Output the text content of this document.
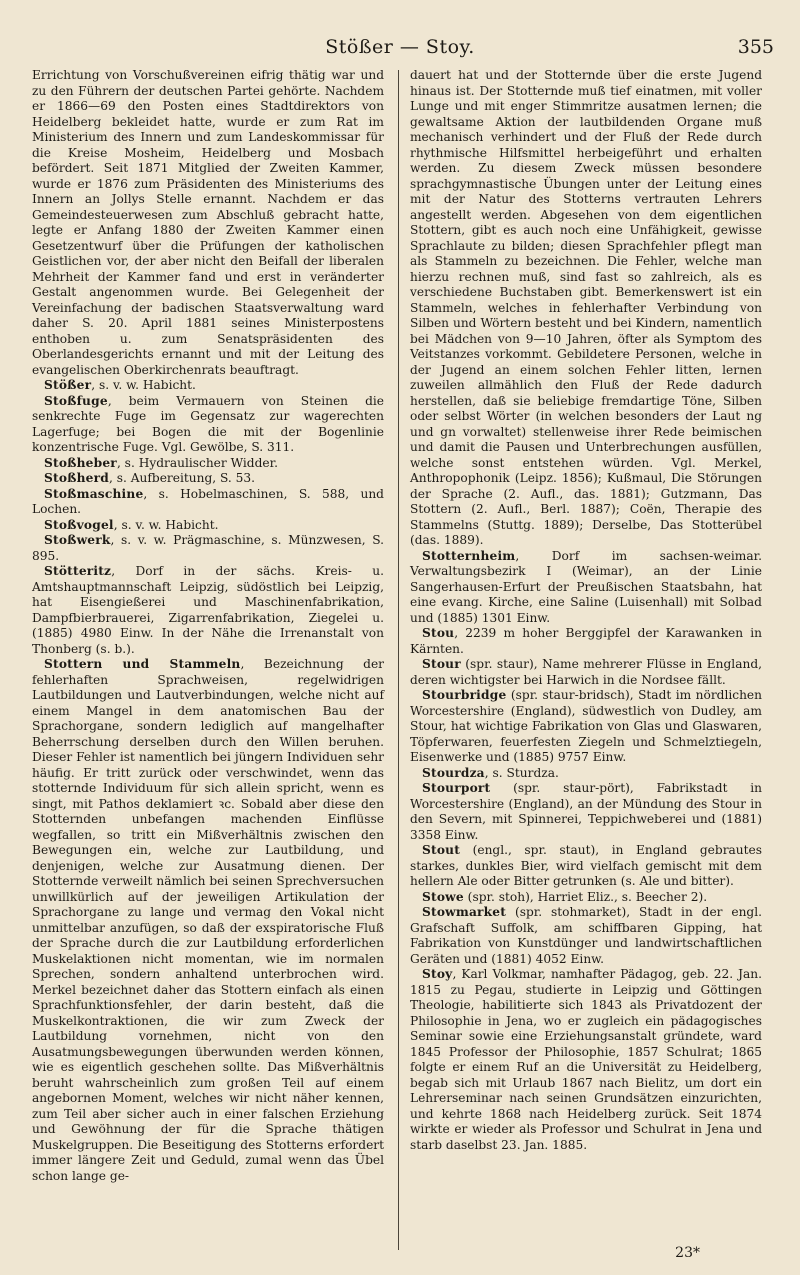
Stößer — Stoy.	355

Errichtung von Vorschußvereinen eifrig thätig war und zu den Führern der deutschen Partei gehörte. Nachdem er 1866—69 den Posten eines Stadtdirektors von Heidelberg bekleidet hatte, wurde er zum Rat im Ministerium des Innern und zum Landeskommissar für die Kreise Mosheim, Heidelberg und Mosbach befördert. Seit 1871 Mitglied der Zweiten Kammer, wurde er 1876 zum Präsidenten des Ministeriums des Innern an Jollys Stelle ernannt. Nachdem er das Gemeindesteuerwesen zum Abschluß gebracht hatte, legte er Anfang 1880 der Zweiten Kammer einen Gesetzentwurf über die Prüfungen der katholischen Geistlichen vor, der aber nicht den Beifall der liberalen Mehrheit der Kammer fand und erst in veränderter Gestalt angenommen wurde. Bei Gelegenheit der Vereinfachung der badischen Staatsverwaltung ward daher S. 20. April 1881 seines Ministerpostens enthoben u. zum Senatspräsidenten des Oberlandesgerichts ernannt und mit der Leitung des evangelischen Oberkirchenrats beauftragt.

Stößer, s. v. w. Habicht.

Stoßfuge, beim Vermauern von Steinen die senkrechte Fuge im Gegensatz zur wagerechten Lagerfuge; bei Bogen die mit der Bogenlinie konzentrische Fuge. Vgl. Gewölbe, S. 311.

Stoßheber, s. Hydraulischer Widder.

Stoßherd, s. Aufbereitung, S. 53.

Stoßmaschine, s. Hobelmaschinen, S. 588, und Lochen.

Stoßvogel, s. v. w. Habicht.

Stoßwerk, s. v. w. Prägmaschine, s. Münzwesen, S. 895.

Stötteritz, Dorf in der sächs. Kreis- u. Amtshauptmannschaft Leipzig, südöstlich bei Leipzig, hat Eisengießerei und Maschinenfabrikation, Dampfbierbrauerei, Zigarrenfabrikation, Ziegelei u. (1885) 4980 Einw. In der Nähe die Irrenanstalt von Thonberg (s. b.).

Stottern und Stammeln, Bezeichnung der fehlerhaften Sprachweisen, regelwidrigen Lautbildungen und Lautverbindungen, welche nicht auf einem Mangel in dem anatomischen Bau der Sprachorgane, sondern lediglich auf mangelhafter Beherrschung derselben durch den Willen beruhen. Dieser Fehler ist namentlich bei jüngern Individuen sehr häufig. Er tritt zurück oder verschwindet, wenn das stotternde Individuum für sich allein spricht, wenn es singt, mit Pathos deklamiert ꝛc. Sobald aber diese den Stotternden unbefangen machenden Einflüsse wegfallen, so tritt ein Mißverhältnis zwischen den Bewegungen ein, welche zur Lautbildung, und denjenigen, welche zur Ausatmung dienen. Der Stotternde verweilt nämlich bei seinen Sprechversuchen unwillkürlich auf der jeweiligen Artikulation der Sprachorgane zu lange und vermag den Vokal nicht unmittelbar anzufügen, so daß der exspiratorische Fluß der Sprache durch die zur Lautbildung erforderlichen Muskelaktionen nicht momentan, wie im normalen Sprechen, sondern anhaltend unterbrochen wird. Merkel bezeichnet daher das Stottern einfach als einen Sprachfunktionsfehler, der darin besteht, daß die Muskelkontraktionen, die wir zum Zweck der Lautbildung vornehmen, nicht von den Ausatmungsbewegungen überwunden werden können, wie es eigentlich geschehen sollte. Das Mißverhältnis beruht wahrscheinlich zum großen Teil auf einem angebornen Moment, welches wir nicht näher kennen, zum Teil aber sicher auch in einer falschen Erziehung und Gewöhnung der für die Sprache thätigen Muskelgruppen. Die Beseitigung des Stotterns erfordert immer längere Zeit und Geduld, zumal wenn das Übel schon lange ge-

dauert hat und der Stotternde über die erste Jugend hinaus ist. Der Stotternde muß tief einatmen, mit voller Lunge und mit enger Stimmritze ausatmen lernen; die gewaltsame Aktion der lautbildenden Organe muß mechanisch verhindert und der Fluß der Rede durch rhythmische Hilfsmittel herbeigeführt und erhalten werden. Zu diesem Zweck müssen besondere sprachgymnastische Übungen unter der Leitung eines mit der Natur des Stotterns vertrauten Lehrers angestellt werden. Abgesehen von dem eigentlichen Stottern, gibt es auch noch eine Unfähigkeit, gewisse Sprachlaute zu bilden; diesen Sprachfehler pflegt man als Stammeln zu bezeichnen. Die Fehler, welche man hierzu rechnen muß, sind fast so zahlreich, als es verschiedene Buchstaben gibt. Bemerkenswert ist ein Stammeln, welches in fehlerhafter Verbindung von Silben und Wörtern besteht und bei Kindern, namentlich bei Mädchen von 9—10 Jahren, öfter als Symptom des Veitstanzes vorkommt. Gebildetere Personen, welche in der Jugend an einem solchen Fehler litten, lernen zuweilen allmählich den Fluß der Rede dadurch herstellen, daß sie beliebige fremdartige Töne, Silben oder selbst Wörter (in welchen besonders der Laut ng und gn vorwaltet) stellenweise ihrer Rede beimischen und damit die Pausen und Unterbrechungen ausfüllen, welche sonst entstehen würden. Vgl. Merkel, Anthropophonik (Leipz. 1856); Kußmaul, Die Störungen der Sprache (2. Aufl., das. 1881); Gutzmann, Das Stottern (2. Aufl., Berl. 1887); Coën, Therapie des Stammelns (Stuttg. 1889); Derselbe, Das Stotterübel (das. 1889).

Stotternheim, Dorf im sachsen-weimar. Verwaltungsbezirk I (Weimar), an der Linie Sangerhausen-Erfurt der Preußischen Staatsbahn, hat eine evang. Kirche, eine Saline (Luisenhall) mit Solbad und (1885) 1301 Einw.

Stou, 2239 m hoher Berggipfel der Karawanken in Kärnten.

Stour (spr. staur), Name mehrerer Flüsse in England, deren wichtigster bei Harwich in die Nordsee fällt.

Stourbridge (spr. staur-bridsch), Stadt im nördlichen Worcestershire (England), südwestlich von Dudley, am Stour, hat wichtige Fabrikation von Glas und Glaswaren, Töpferwaren, feuerfesten Ziegeln und Schmelztiegeln, Eisenwerke und (1885) 9757 Einw.

Stourdza, s. Sturdza.

Stourport (spr. staur-pört), Fabrikstadt in Worcestershire (England), an der Mündung des Stour in den Severn, mit Spinnerei, Teppichweberei und (1881) 3358 Einw.

Stout (engl., spr. staut), in England gebrautes starkes, dunkles Bier, wird vielfach gemischt mit dem hellern Ale oder Bitter getrunken (s. Ale und bitter).

Stowe (spr. stoh), Harriet Eliz., s. Beecher 2).

Stowmarket (spr. stohmarket), Stadt in der engl. Grafschaft Suffolk, am schiffbaren Gipping, hat Fabrikation von Kunstdünger und landwirtschaftlichen Geräten und (1881) 4052 Einw.

Stoy, Karl Volkmar, namhafter Pädagog, geb. 22. Jan. 1815 zu Pegau, studierte in Leipzig und Göttingen Theologie, habilitierte sich 1843 als Privatdozent der Philosophie in Jena, wo er zugleich ein pädagogisches Seminar sowie eine Erziehungsanstalt gründete, ward 1845 Professor der Philosophie, 1857 Schulrat; 1865 folgte er einem Ruf an die Universität zu Heidelberg, begab sich mit Urlaub 1867 nach Bielitz, um dort ein Lehrerseminar nach seinen Grundsätzen einzurichten, und kehrte 1868 nach Heidelberg zurück. Seit 1874 wirkte er wieder als Professor und Schulrat in Jena und starb daselbst 23. Jan. 1885.

23*
